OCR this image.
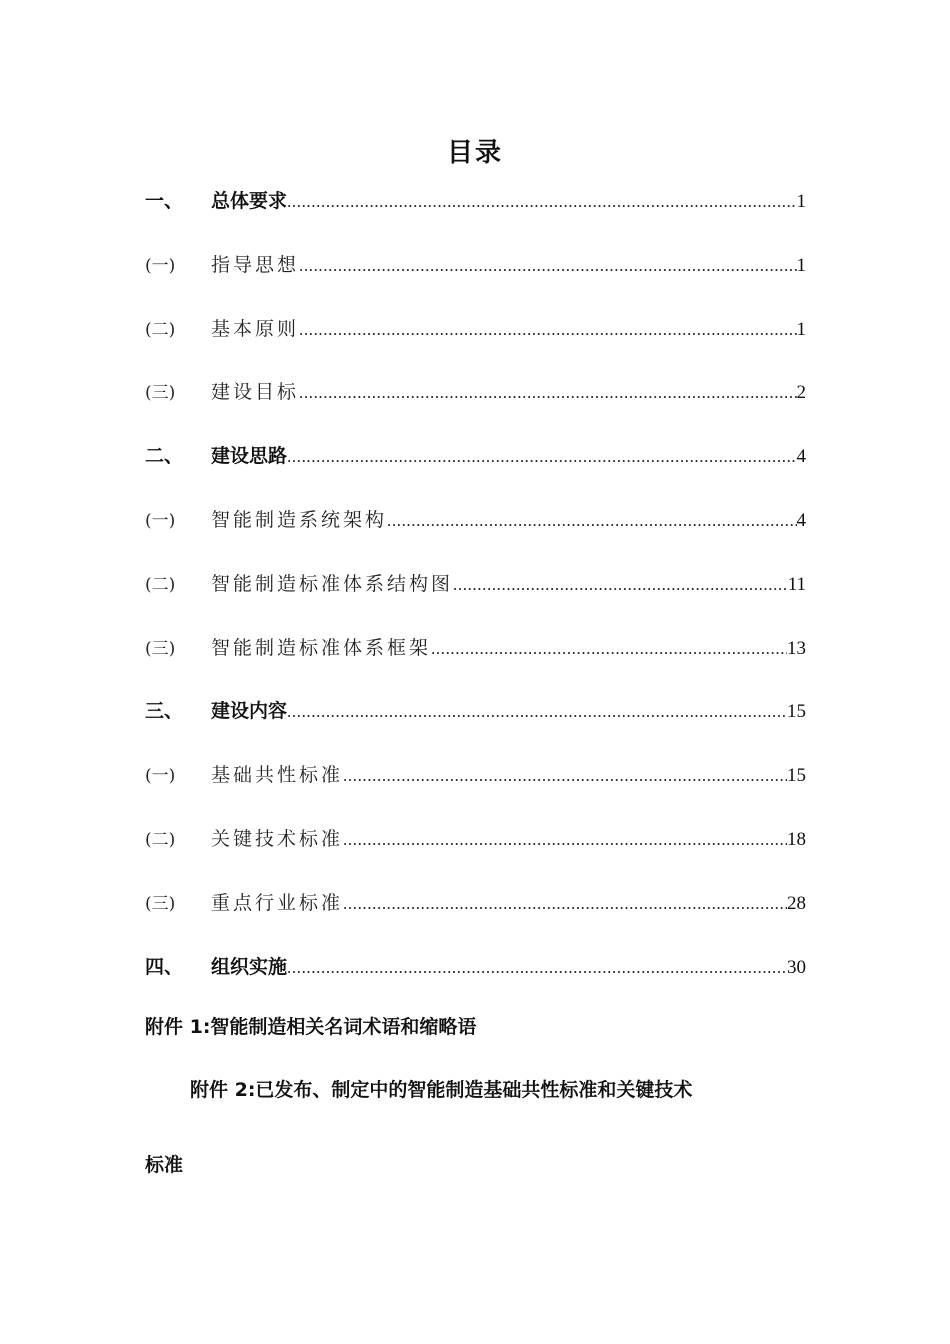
目录
一、	总体要求 .....	1
(一)	指导思想 .....	1
(二)	基本原则 .....	1
(三)	建设目标 .....	2
二、	建设思路 .....	4
(一)	智能制造系统架构 .....	4
(二)	智能制造标准体系结构图 .....	11
(三)	智能制造标准体系框架 .....	13
三、	建设内容 .....	15
(一)	基础共性标准 .....	15
(二)	关键技术标准 .....	18
(三)	重点行业标准 .....	28
四、	组织实施 .....	30
附件 1:智能制造相关名词术语和缩略语
附件 2:已发布、制定中的智能制造基础共性标准和关键技术
标准
